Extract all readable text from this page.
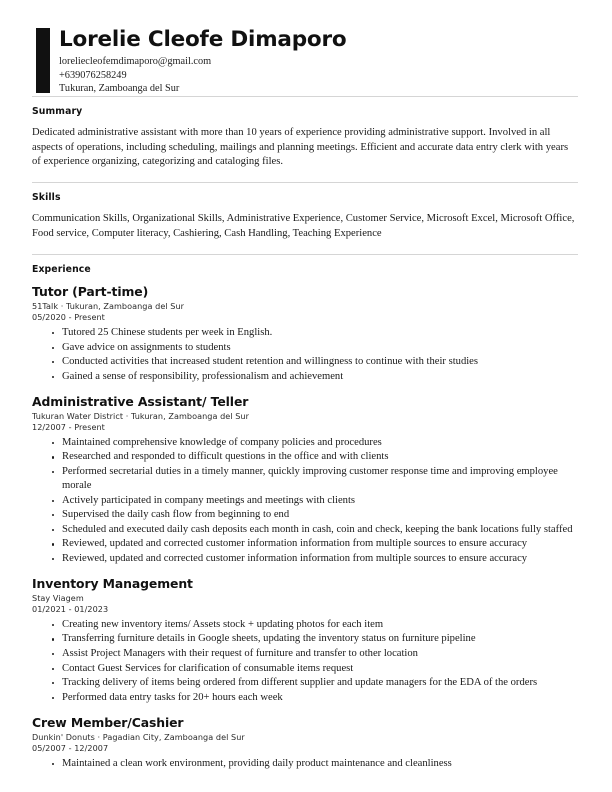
Lorelie Cleofe Dimaporo
loreliecleofemdimaporo@gmail.com
+639076258249
Tukuran, Zamboanga del Sur
Summary

Dedicated administrative assistant with more than 10 years of experience providing administrative support. Involved in all aspects of operations, including scheduling, mailings and planning meetings. Efficient and accurate data entry clerk with years of experience organizing, categorizing and cataloging files.

Skills

Communication Skills, Organizational Skills, Administrative Experience, Customer Service, Microsoft Excel, Microsoft Office, Food service, Computer literacy, Cashiering, Cash Handling, Teaching Experience

Experience
Tutor (Part-time)
51Talk · Tukuran, Zamboanga del Sur
05/2020 - Present
Tutored 25 Chinese students per week in English.
Gave advice on assignments to students
Conducted activities that increased student retention and willingness to continue with their studies
Gained a sense of responsibility, professionalism and achievement
Administrative Assistant/ Teller
Tukuran Water District · Tukuran, Zamboanga del Sur
12/2007 - Present
Maintained comprehensive knowledge of company policies and procedures
Researched and responded to difficult questions in the office and with clients
Performed secretarial duties in a timely manner, quickly improving customer response time and improving employee morale
Actively participated in company meetings and meetings with clients
Supervised the daily cash flow from beginning to end
Scheduled and executed daily cash deposits each month in cash, coin and check, keeping the bank locations fully staffed
Reviewed, updated and corrected customer information information from multiple sources to ensure accuracy
Reviewed, updated and corrected customer information information from multiple sources to ensure accuracy
Inventory Management
Stay Viagem
01/2021 - 01/2023
Creating new inventory items/ Assets stock + updating photos for each item
Transferring furniture details in Google sheets, updating the inventory status on furniture pipeline
Assist Project Managers with their request of furniture and transfer to other location
Contact Guest Services for clarification of consumable items request
Tracking delivery of items being ordered from different supplier and update managers for the EDA of the orders
Performed data entry tasks for 20+ hours each week
Crew Member/Cashier
Dunkin' Donuts · Pagadian City, Zamboanga del Sur
05/2007 - 12/2007
Maintained a clean work environment, providing daily product maintenance and cleanliness
